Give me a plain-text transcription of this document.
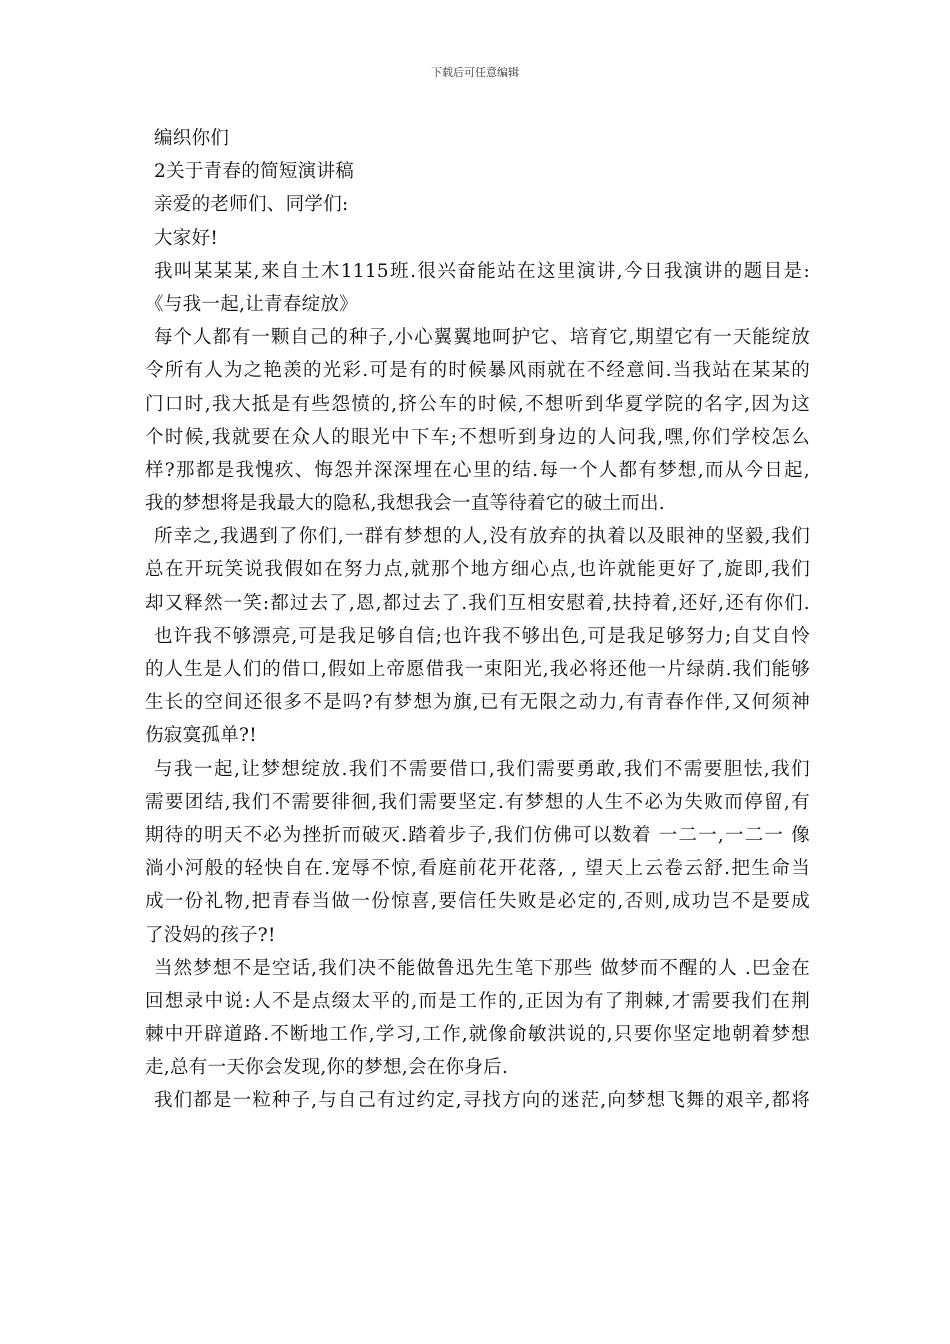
下载后可任意编辑
编织你们
2关于青春的简短演讲稿
亲爱的老师们、同学们:
大家好!
我叫某某某,来自土木1115班.很兴奋能站在这里演讲,今日我演讲的题目是:
《与我一起,让青春绽放》
每个人都有一颗自己的种子,小心翼翼地呵护它、培育它,期望它有一天能绽放
令所有人为之艳羡的光彩.可是有的时候暴风雨就在不经意间.当我站在某某的
门口时,我大抵是有些怨愤的,挤公车的时候,不想听到华夏学院的名字,因为这
个时候,我就要在众人的眼光中下车;不想听到身边的人问我,嘿,你们学校怎么
样?那都是我愧疚、悔怨并深深埋在心里的结.每一个人都有梦想,而从今日起,
我的梦想将是我最大的隐私,我想我会一直等待着它的破土而出.
所幸之,我遇到了你们,一群有梦想的人,没有放弃的执着以及眼神的坚毅,我们
总在开玩笑说我假如在努力点,就那个地方细心点,也许就能更好了,旋即,我们
却又释然一笑:都过去了,恩,都过去了.我们互相安慰着,扶持着,还好,还有你们.
也许我不够漂亮,可是我足够自信;也许我不够出色,可是我足够努力;自艾自怜
的人生是人们的借口,假如上帝愿借我一束阳光,我必将还他一片绿荫.我们能够
生长的空间还很多不是吗?有梦想为旗,已有无限之动力,有青春作伴,又何须神
伤寂寞孤单?!
与我一起,让梦想绽放.我们不需要借口,我们需要勇敢,我们不需要胆怯,我们
需要团结,我们不需要徘徊,我们需要坚定.有梦想的人生不必为失败而停留,有
期待的明天不必为挫折而破灭.踏着步子,我们仿佛可以数着 一二一,一二一 像
淌小河般的轻快自在.宠辱不惊,看庭前花开花落, , 望天上云卷云舒.把生命当
成一份礼物,把青春当做一份惊喜,要信任失败是必定的,否则,成功岂不是要成
了没妈的孩子?!
当然梦想不是空话,我们决不能做鲁迅先生笔下那些 做梦而不醒的人 .巴金在
回想录中说:人不是点缀太平的,而是工作的,正因为有了荆棘,才需要我们在荆
棘中开辟道路.不断地工作,学习,工作,就像俞敏洪说的,只要你坚定地朝着梦想
走,总有一天你会发现,你的梦想,会在你身后.
我们都是一粒种子,与自己有过约定,寻找方向的迷茫,向梦想飞舞的艰辛,都将
